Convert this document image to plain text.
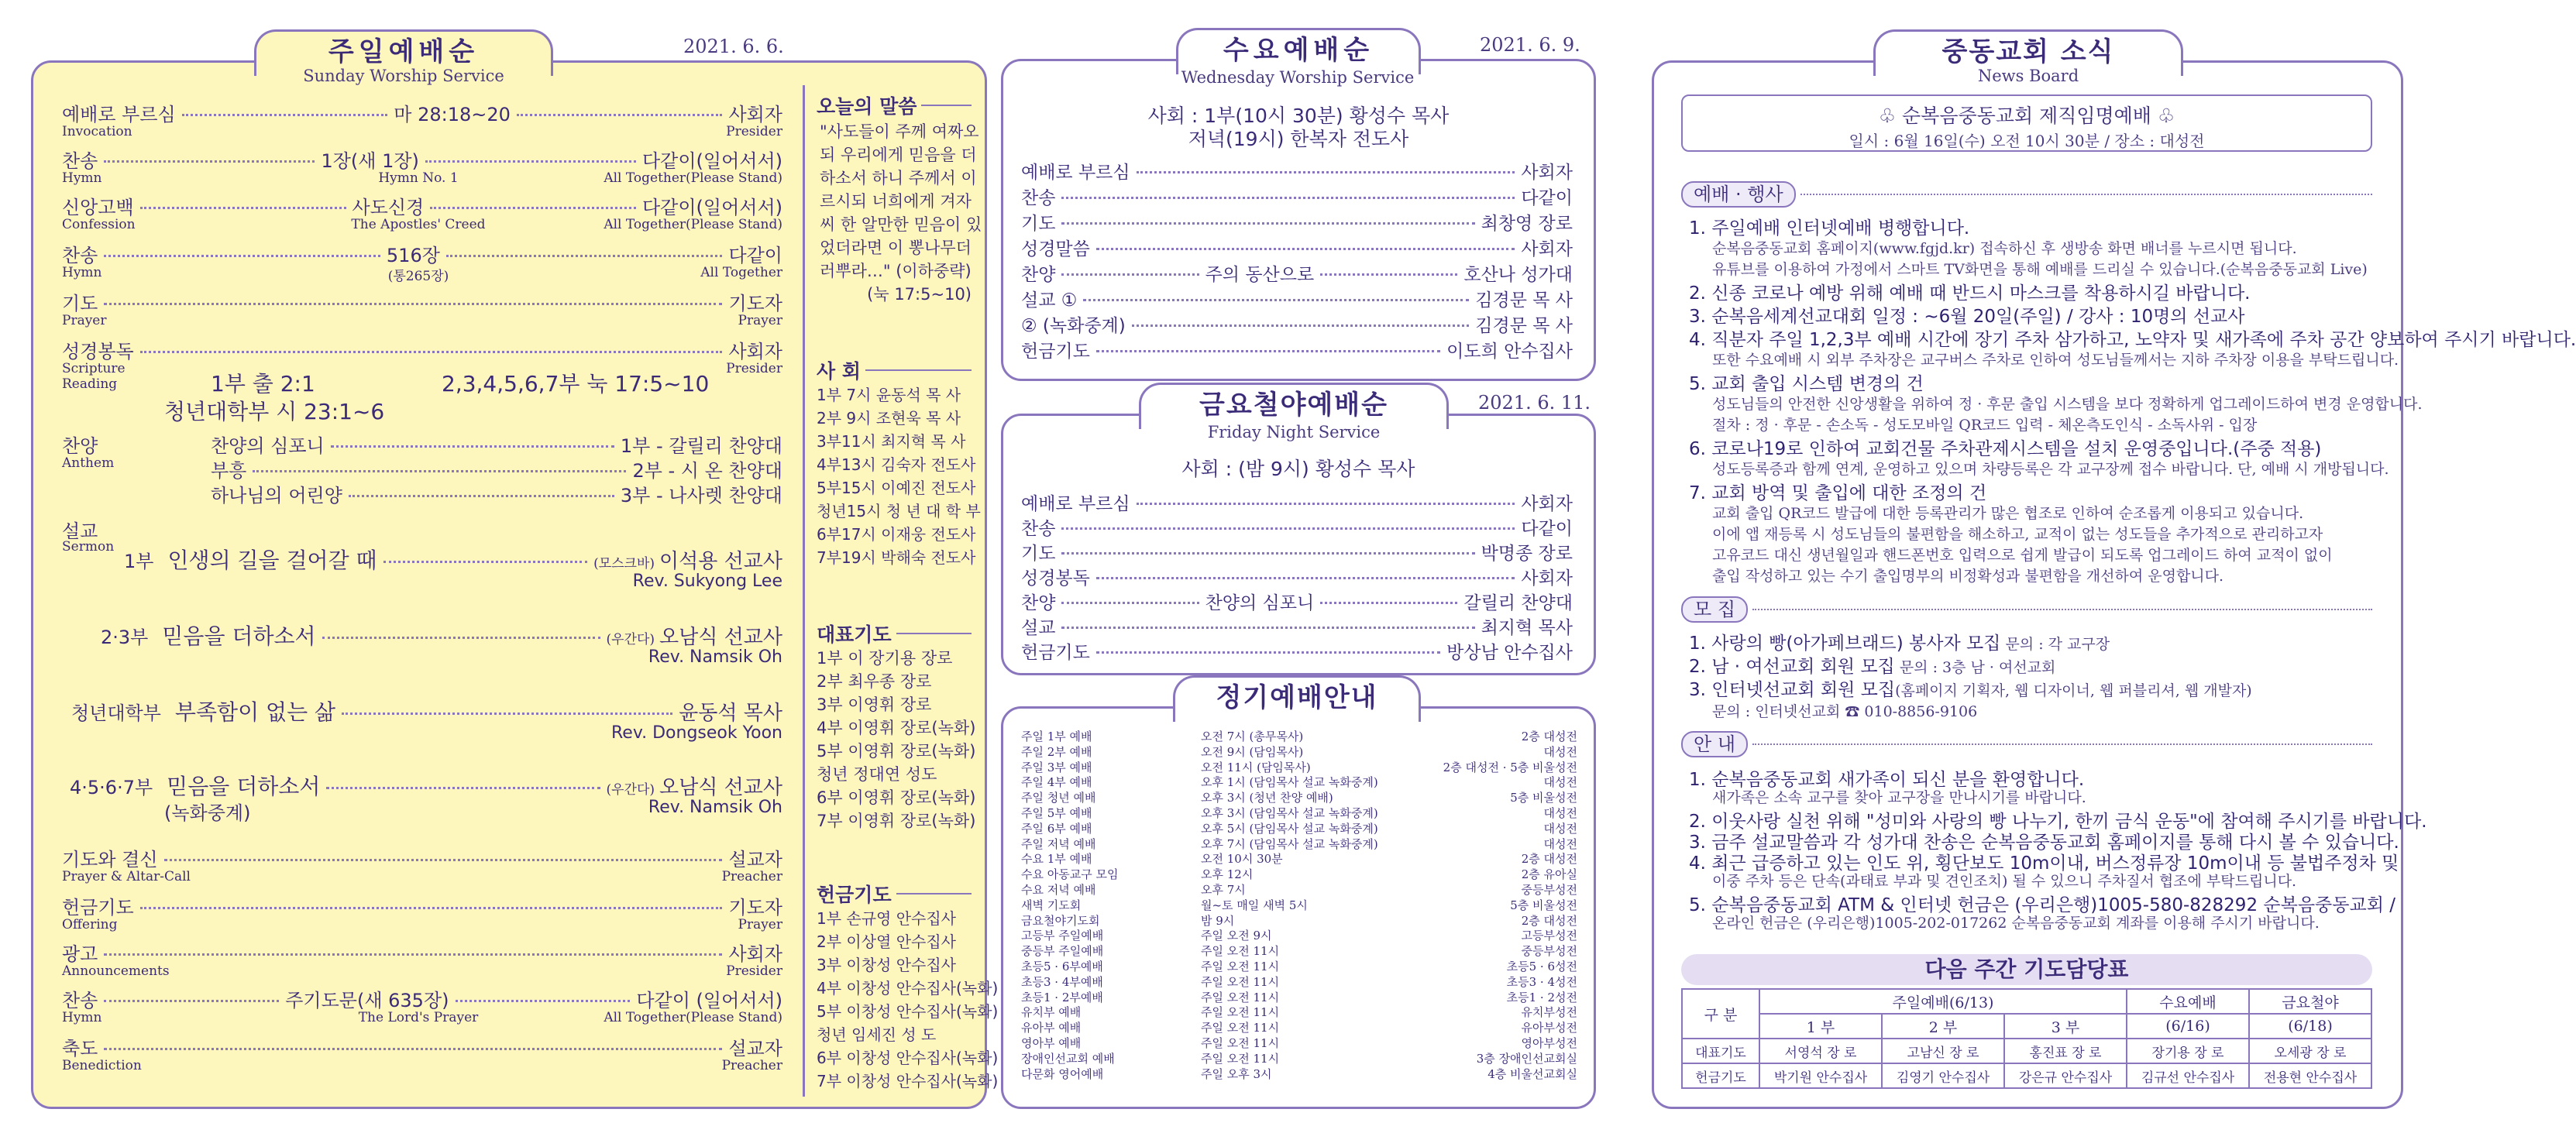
주일예배순
Sunday Worship Service
2021. 6. 6.
예배로 부르심	마 28:18~20	사회자
Invocation	Presider
찬송	1장(새 1장)	다같이(일어서서)
Hymn	Hymn No. 1	All Together(Please Stand)
신앙고백	사도신경	다같이(일어서서)
Confession	The Apostles' Creed	All Together(Please Stand)
찬송	516장	다같이
Hymn	(통265장)	All Together
기도	기도자
Prayer	Prayer
성경봉독	사회자
Scripture Reading
Presider
1부 출 2:1	2,3,4,5,6,7부 눅 17:5~10
청년대학부 시 23:1~6
찬양
Anthem
찬양의 심포니	1부 - 갈릴리 찬양대
부흥	2부 - 시 온 찬양대
하나님의 어린양	3부 - 나사렛 찬양대
설교
Sermon
1부 인생의 길을 걸어갈 때	(모스크바) 이석용 선교사
Rev. Sukyong Lee
2·3부 믿음을 더하소서	(우간다) 오남식 선교사
Rev. Namsik Oh
청년대학부 부족함이 없는 삶	윤동석 목사
Rev. Dongseok Yoon
4·5·6·7부 믿음을 더하소서	(우간다) 오남식 선교사
Rev. Namsik Oh
(녹화중계)
기도와 결신	설교자
Prayer & Altar-Call	Preacher
헌금기도	기도자
Offering	Prayer
광고	사회자
Announcements	Presider
찬송	주기도문(새 635장)	다같이 (일어서서)
Hymn	The Lord's Prayer	All Together(Please Stand)
축도	설교자
Benediction	Preacher
오늘의 말씀
"사도들이 주께 여짜오
되 우리에게 믿음을 더
하소서 하니 주께서 이
르시되 너희에게 겨자
씨 한 알만한 믿음이 있
었더라면 이 뽕나무더
러뿌라…" (이하중략)
(눅 17:5~10)
사 회
1부 7시 윤동석 목 사
2부 9시 조현욱 목 사
3부11시 최지혁 목 사
4부13시 김숙자 전도사
5부15시 이예진 전도사
청년15시 청 년 대 학 부
6부17시 이재웅 전도사
7부19시 박해숙 전도사
대표기도
1부 이 장기용 장로
2부 최우종 장로
3부 이영휘 장로
4부 이영휘 장로(녹화)
5부 이영휘 장로(녹화)
청년 정대연 성도
6부 이영휘 장로(녹화)
7부 이영휘 장로(녹화)
헌금기도
1부 손규영 안수집사
2부 이상열 안수집사
3부 이창성 안수집사
4부 이창성 안수집사(녹화)
5부 이창성 안수집사(녹화)
청년 임세진 성 도
6부 이창성 안수집사(녹화)
7부 이창성 안수집사(녹화)
수요예배순
Wednesday Worship Service
2021. 6. 9.
사회 : 1부(10시 30분) 황성수 목사
저녁(19시) 한복자 전도사
예배로 부르심	사회자
찬송	다같이
기도	최창영 장로
성경말씀	사회자
찬양	주의 동산으로	호산나 성가대
설교 ①	김경문 목 사
② (녹화중계)	김경문 목 사
헌금기도	이도희 안수집사
금요철야예배순
Friday Night Service
2021. 6. 11.
사회 : (밤 9시) 황성수 목사
예배로 부르심	사회자
찬송	다같이
기도	박명종 장로
성경봉독	사회자
찬양	찬양의 심포니	갈릴리 찬양대
설교	최지혁 목사
헌금기도	방상남 안수집사
정기예배안내
주일 1부 예배	오전 7시 (총무목사)	2층 대성전
주일 2부 예배	오전 9시 (담임목사)	대성전
주일 3부 예배	오전 11시 (담임목사)	2층 대성전 · 5층 비울성전
주일 4부 예배	오후 1시 (담임목사 설교 녹화중계)	대성전
주일 청년 예배	오후 3시 (청년 찬양 예배)	5층 비울성전
주일 5부 예배	오후 3시 (담임목사 설교 녹화중계)	대성전
주일 6부 예배	오후 5시 (담임목사 설교 녹화중계)	대성전
주일 저녁 예배	오후 7시 (담임목사 설교 녹화중계)	대성전
수요 1부 예배	오전 10시 30분	2층 대성전
수요 아동교구 모임	오후 12시	2층 유아실
수요 저녁 예배	오후 7시	중등부성전
새벽 기도회	월~토 매일 새벽 5시	5층 비울성전
금요철야기도회	밤 9시	2층 대성전
고등부 주일예배	주일 오전 9시	고등부성전
중등부 주일예배	주일 오전 11시	중등부성전
초등5 · 6부예배	주일 오전 11시	초등5 · 6성전
초등3 · 4부예배	주일 오전 11시	초등3 · 4성전
초등1 · 2부예배	주일 오전 11시	초등1 · 2성전
유치부 예배	주일 오전 11시	유치부성전
유아부 예배	주일 오전 11시	유아부성전
영아부 예배	주일 오전 11시	영아부성전
장애인선교회 예배	주일 오전 11시	3층 장애인선교회실
다문화 영어예배	주일 오후 3시	4층 비울선교회실
중동교회 소식
News Board
♧ 순복음중동교회 제직임명예배 ♧
일시 : 6월 16일(수) 오전 10시 30분 / 장소 : 대성전
예배 · 행사
1. 주일예배 인터넷예배 병행합니다.
순복음중동교회 홈페이지(www.fgjd.kr) 접속하신 후 생방송 화면 배너를 누르시면 됩니다.
유튜브를 이용하여 가정에서 스마트 TV화면을 통해 예배를 드리실 수 있습니다.(순복음중동교회 Live)
2. 신종 코로나 예방 위해 예배 때 반드시 마스크를 착용하시길 바랍니다.
3. 순복음세계선교대회 일정 : ~6월 20일(주일) / 강사 : 10명의 선교사
4. 직분자 주일 1,2,3부 예배 시간에 장기 주차 삼가하고, 노약자 및 새가족에 주차 공간 양보하여 주시기 바랍니다.
또한 수요예배 시 외부 주차장은 교구버스 주차로 인하여 성도님들께서는 지하 주차장 이용을 부탁드립니다.
5. 교회 출입 시스템 변경의 건
성도님들의 안전한 신앙생활을 위하여 정 · 후문 출입 시스템을 보다 정확하게 업그레이드하여 변경 운영합니다.
절차 : 정 · 후문 - 손소독 - 성도모바일 QR코드 입력 - 체온측도인식 - 소독사위 - 입장
6. 코로나19로 인하여 교회건물 주차관제시스템을 설치 운영중입니다.(주중 적용)
성도등록증과 함께 연계, 운영하고 있으며 차량등록은 각 교구장께 접수 바랍니다. 단, 예배 시 개방됩니다.
7. 교회 방역 및 출입에 대한 조정의 건
교회 출입 QR코드 발급에 대한 등록관리가 많은 협조로 인하여 순조롭게 이용되고 있습니다.
이에 앱 재등록 시 성도님들의 불편함을 해소하고, 교적이 없는 성도들을 추가적으로 관리하고자
고유코드 대신 생년월일과 핸드폰번호 입력으로 쉽게 발급이 되도록 업그레이드 하여 교적이 없이
출입 작성하고 있는 수기 출입명부의 비정확성과 불편함을 개선하여 운영합니다.
모 집
1. 사랑의 빵(아가페브래드) 봉사자 모집 문의 : 각 교구장
2. 남 · 여선교회 회원 모집 문의 : 3층 남 · 여선교회
3. 인터넷선교회 회원 모집(홈페이지 기획자, 웹 디자이너, 웹 퍼블리셔, 웹 개발자)
문의 : 인터넷선교회 ☎ 010-8856-9106
안 내
1. 순복음중동교회 새가족이 되신 분을 환영합니다.
새가족은 소속 교구를 찾아 교구장을 만나시기를 바랍니다.
2. 이웃사랑 실천 위해 "성미와 사랑의 빵 나누기, 한끼 금식 운동"에 참여해 주시기를 바랍니다.
3. 금주 설교말씀과 각 성가대 찬송은 순복음중동교회 홈페이지를 통해 다시 볼 수 있습니다.
4. 최근 급증하고 있는 인도 위, 횡단보도 10m이내, 버스정류장 10m이내 등 불법주정차 및
이중 주차 등은 단속(과태료 부과 및 견인조치) 될 수 있으니 주차질서 협조에 부탁드립니다.
5. 순복음중동교회 ATM & 인터넷 헌금은 (우리은행)1005-580-828292 순복음중동교회 /
온라인 헌금은 (우리은행)1005-202-017262 순복음중동교회 계좌를 이용해 주시기 바랍니다.
다음 주간 기도담당표
구 분	주일예배(6/13)			수요예배	금요철야
	1 부	2 부	3 부	(6/16)	(6/18)
대표기도	서영석 장 로	고남신 장 로	홍진표 장 로	장기용 장 로	오세광 장 로
헌금기도	박기원 안수집사	김영기 안수집사	강은규 안수집사	김규선 안수집사	전용현 안수집사
